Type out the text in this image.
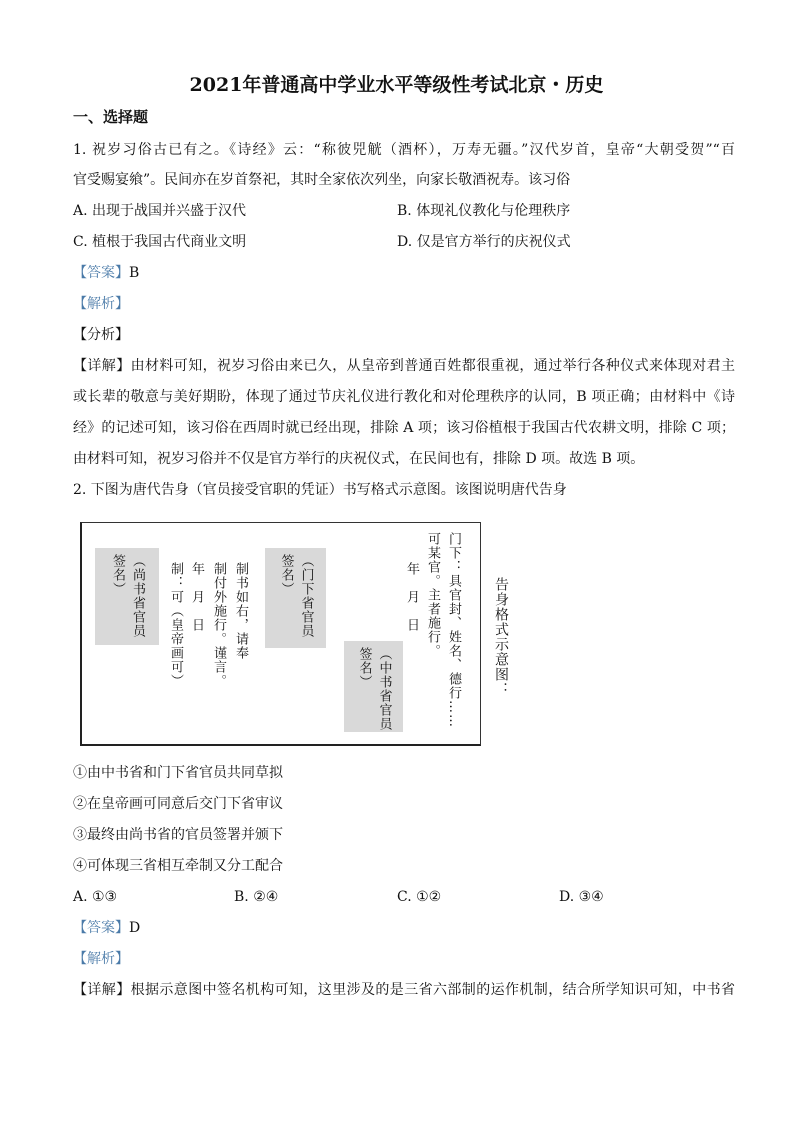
2021年普通高中学业水平等级性考试北京・历史
一、选择题
1. 祝岁习俗古已有之。《诗经》云：“称彼兕觥（酒杯），万寿无疆。”汉代岁首，皇帝“大朝受贺”“百
官受赐宴飨”。民间亦在岁首祭祀，其时全家依次列坐，向家长敬酒祝寿。该习俗
A. 出现于战国并兴盛于汉代	B. 体现礼仪教化与伦理秩序
C. 植根于我国古代商业文明	D. 仅是官方举行的庆祝仪式
【答案】B
【解析】
【分析】
【详解】由材料可知，祝岁习俗由来已久，从皇帝到普通百姓都很重视，通过举行各种仪式来体现对君主
或长辈的敬意与美好期盼，体现了通过节庆礼仪进行教化和对伦理秩序的认同，B 项正确；由材料中《诗
经》的记述可知，该习俗在西周时就已经出现，排除 A 项；该习俗植根于我国古代农耕文明，排除 C 项；
由材料可知，祝岁习俗并不仅是官方举行的庆祝仪式，在民间也有，排除 D 项。故选 B 项。
2. 下图为唐代告身（官员接受官职的凭证）书写格式示意图。该图说明唐代告身
门下：具官封、姓名、德行……
可某官。主者施行。
年　月　日
（中书省官员
签名）
（门下省官员
签名）
制书如右，请奉
制付外施行。谨言。
年　月　日
制：可（皇帝画可）
（尚书省官员
签名）
告身格式示意图：
①由中书省和门下省官员共同草拟
②在皇帝画可同意后交门下省审议
③最终由尚书省的官员签署并颁下
④可体现三省相互牵制又分工配合
A. ①③	B. ②④	C. ①②	D. ③④
【答案】D
【解析】
【详解】根据示意图中签名机构可知，这里涉及的是三省六部制的运作机制，结合所学知识可知，中书省
